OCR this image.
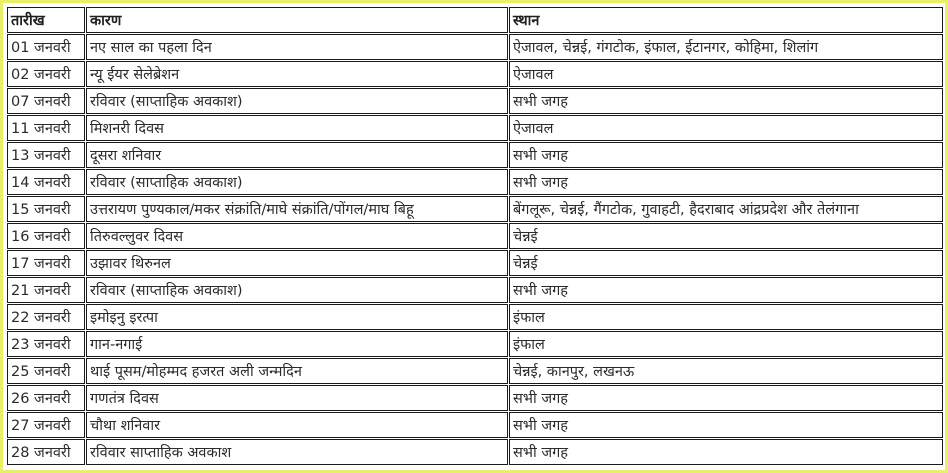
तारीख	कारण	स्थान
01 जनवरी	नए साल का पहला दिन	ऐजावल, चेन्नई, गंगटोक, इंफाल, ईटानगर, कोहिमा, शिलांग
02 जनवरी	न्यू ईयर सेलेब्रेशन	ऐजावल
07 जनवरी	रविवार (साप्ताहिक अवकाश)	सभी जगह
11 जनवरी	मिशनरी दिवस	ऐजावल
13 जनवरी	दूसरा शनिवार	सभी जगह
14 जनवरी	रविवार (साप्ताहिक अवकाश)	सभी जगह
15 जनवरी	उत्तरायण पुण्यकाल/मकर संक्रांति/माघे संक्रांति/पोंगल/माघ बिहू	बेंगलूरू, चेन्नई, गैंगटोक, गुवाहटी, हैदराबाद आंद्रप्रदेश और तेलंगाना
16 जनवरी	तिरुवल्लुवर दिवस	चेन्नई
17 जनवरी	उझावर थिरुनल	चेन्नई
21 जनवरी	रविवार (साप्ताहिक अवकाश)	सभी जगह
22 जनवरी	इमोइनु इरत्पा	इंफाल
23 जनवरी	गान-नगाई	इंफाल
25 जनवरी	थाई पूसम/मोहम्मद हजरत अली जन्मदिन	चेन्नई, कानपुर, लखनऊ
26 जनवरी	गणतंत्र दिवस	सभी जगह
27 जनवरी	चौथा शनिवार	सभी जगह
28 जनवरी	रविवार साप्ताहिक अवकाश	सभी जगह
